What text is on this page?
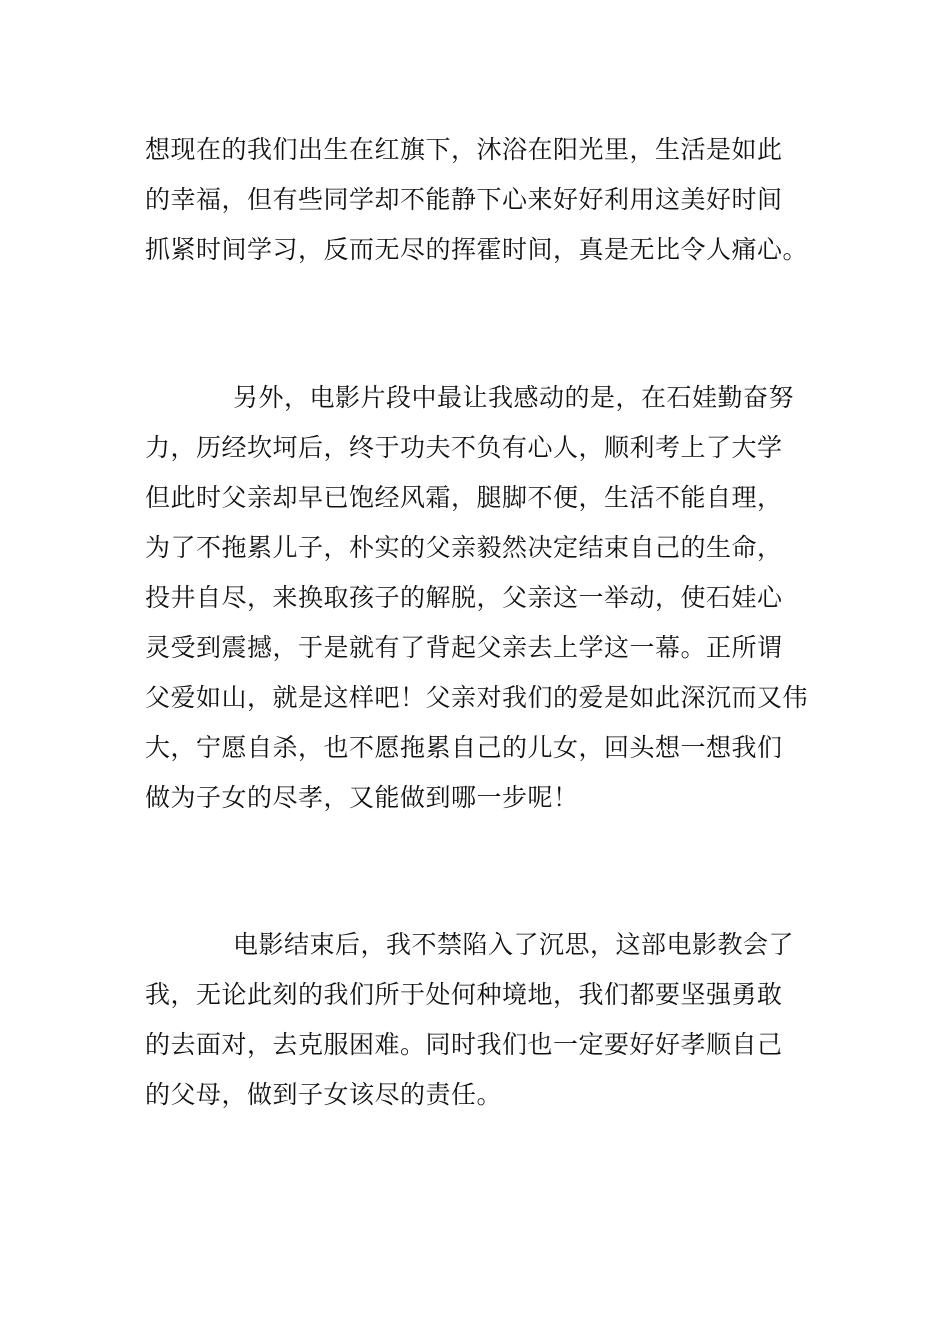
想现在的我们出生在红旗下，沐浴在阳光里，生活是如此
的幸福，但有些同学却不能静下心来好好利用这美好时间
抓紧时间学习，反而无尽的挥霍时间，真是无比令人痛心。

另外，电影片段中最让我感动的是，在石娃勤奋努
力，历经坎坷后，终于功夫不负有心人，顺利考上了大学
但此时父亲却早已饱经风霜，腿脚不便，生活不能自理，
为了不拖累儿子，朴实的父亲毅然决定结束自己的生命，
投井自尽，来换取孩子的解脱，父亲这一举动，使石娃心
灵受到震撼，于是就有了背起父亲去上学这一幕。正所谓
父爱如山，就是这样吧！父亲对我们的爱是如此深沉而又伟
大，宁愿自杀，也不愿拖累自己的儿女，回头想一想我们
做为子女的尽孝，又能做到哪一步呢！

电影结束后，我不禁陷入了沉思，这部电影教会了
我，无论此刻的我们所于处何种境地，我们都要坚强勇敢
的去面对，去克服困难。同时我们也一定要好好孝顺自己
的父母，做到子女该尽的责任。
